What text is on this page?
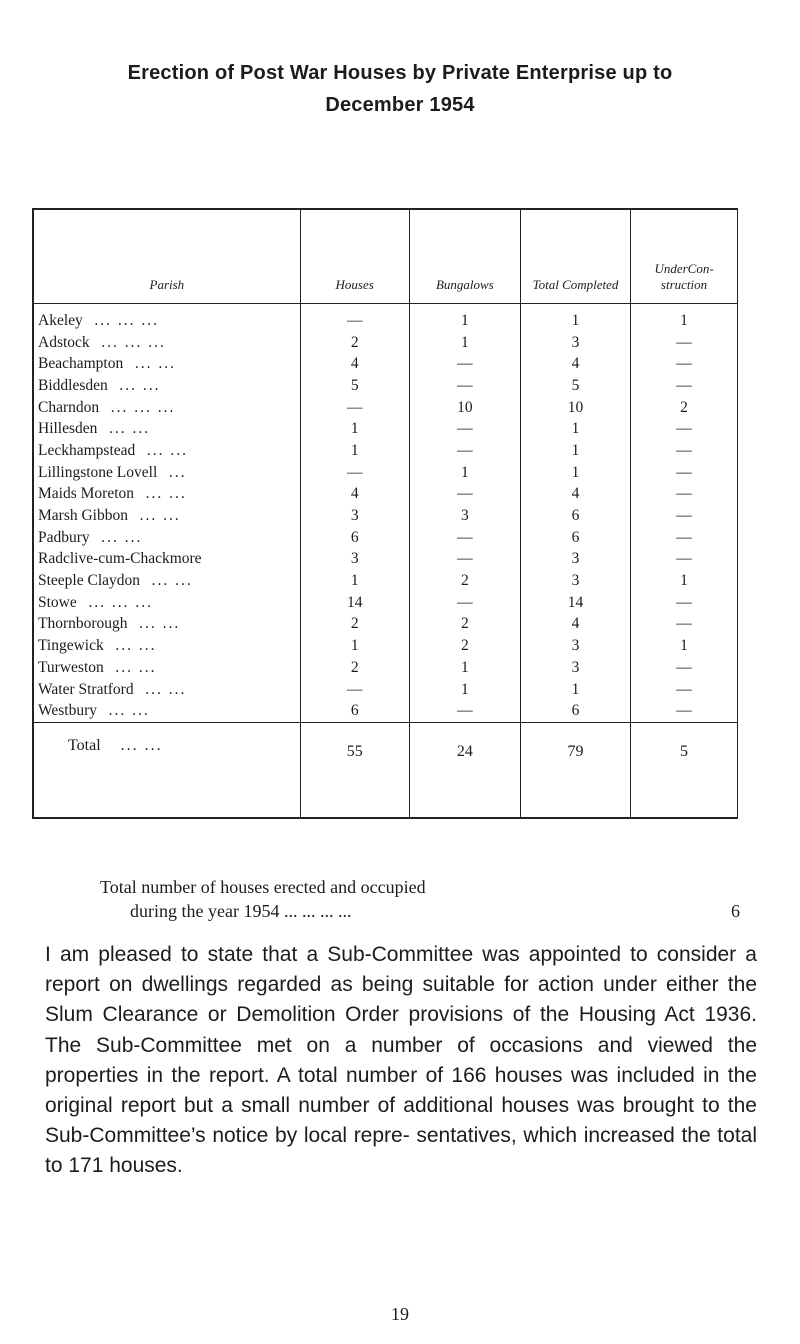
Erection of Post War Houses by Private Enterprise up to
December 1954
Parish	Houses	Bungalows	Total Completed	UnderCon- struction
Akeley ... ... ...	—	1	1	1
Adstock ... ... ...	2	1	3	—
Beachampton ... ...	4	—	4	—
Biddlesden ... ...	5	—	5	—
Charndon ... ... ...	—	10	10	2
Hillesden ... ...	1	—	1	—
Leckhampstead ... ...	1	—	1	—
Lillingstone Lovell ...	—	1	1	—
Maids Moreton ... ...	4	—	4	—
Marsh Gibbon ... ...	3	3	6	—
Padbury ... ...	6	—	6	—
Radclive-cum-Chackmore	3	—	3	—
Steeple Claydon ... ...	1	2	3	1
Stowe ... ... ...	14	—	14	—
Thornborough ... ...	2	2	4	—
Tingewick ... ...	1	2	3	1
Turweston ... ...	2	1	3	—
Water Stratford ... ...	—	1	1	—
Westbury ... ...	6	—	6	—
Total ... ...	55	24	79	5
Total number of houses erected and occupied
during the year 1954 ... ... ... ...	6
I am pleased to state that a Sub-Committee was appointed to consider a report on dwellings regarded as being suitable for action under either the Slum Clearance or Demolition Order provisions of the Housing Act 1936. The Sub-Committee met on a number of occasions and viewed the properties in the report. A total number of 166 houses was included in the original report but a small number of additional houses was brought to the Sub-Committee’s notice by local repre- sentatives, which increased the total to 171 houses.
19
